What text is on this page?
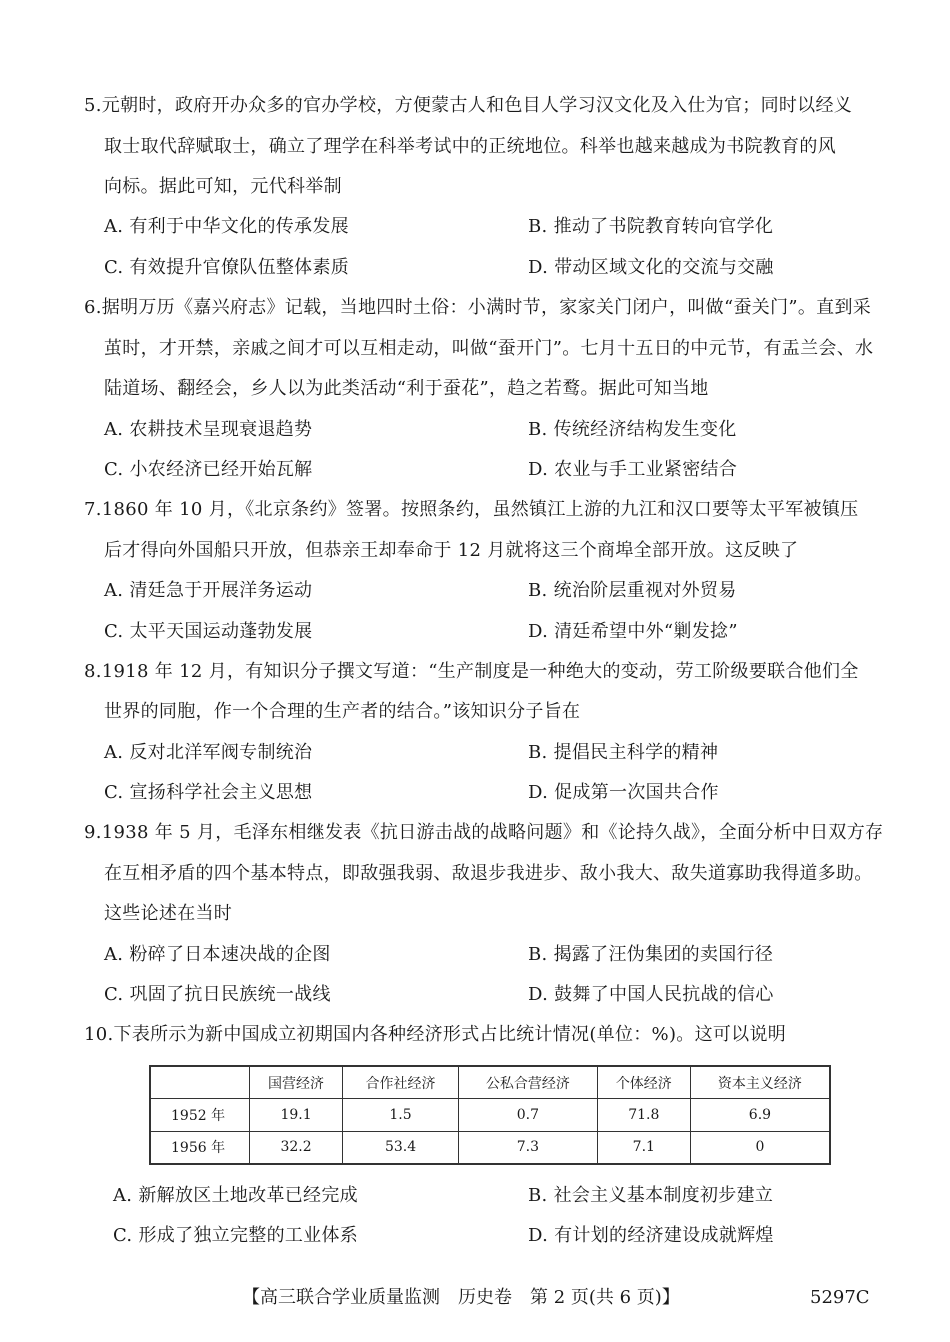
5.元朝时，政府开办众多的官办学校，方便蒙古人和色目人学习汉文化及入仕为官；同时以经义
取士取代辞赋取士，确立了理学在科举考试中的正统地位。科举也越来越成为书院教育的风
向标。据此可知，元代科举制
A. 有利于中华文化的传承发展	B. 推动了书院教育转向官学化
C. 有效提升官僚队伍整体素质	D. 带动区域文化的交流与交融
6.据明万历《嘉兴府志》记载，当地四时土俗：小满时节，家家关门闭户，叫做“蚕关门”。直到采
茧时，才开禁，亲戚之间才可以互相走动，叫做“蚕开门”。七月十五日的中元节，有盂兰会、水
陆道场、翻经会，乡人以为此类活动“利于蚕花”，趋之若鹜。据此可知当地
A. 农耕技术呈现衰退趋势	B. 传统经济结构发生变化
C. 小农经济已经开始瓦解	D. 农业与手工业紧密结合
7.1860 年 10 月，《北京条约》签署。按照条约，虽然镇江上游的九江和汉口要等太平军被镇压
后才得向外国船只开放，但恭亲王却奉命于 12 月就将这三个商埠全部开放。这反映了
A. 清廷急于开展洋务运动	B. 统治阶层重视对外贸易
C. 太平天国运动蓬勃发展	D. 清廷希望中外“剿发捻”
8.1918 年 12 月，有知识分子撰文写道：“生产制度是一种绝大的变动，劳工阶级要联合他们全
世界的同胞，作一个合理的生产者的结合。”该知识分子旨在
A. 反对北洋军阀专制统治	B. 提倡民主科学的精神
C. 宣扬科学社会主义思想	D. 促成第一次国共合作
9.1938 年 5 月，毛泽东相继发表《抗日游击战的战略问题》和《论持久战》，全面分析中日双方存
在互相矛盾的四个基本特点，即敌强我弱、敌退步我进步、敌小我大、敌失道寡助我得道多助。
这些论述在当时
A. 粉碎了日本速决战的企图	B. 揭露了汪伪集团的卖国行径
C. 巩固了抗日民族统一战线	D. 鼓舞了中国人民抗战的信心
10.下表所示为新中国成立初期国内各种经济形式占比统计情况(单位：%)。这可以说明
	国营经济	合作社经济	公私合营经济	个体经济	资本主义经济
1952 年	19.1	1.5	0.7	71.8	6.9
1956 年	32.2	53.4	7.3	7.1	0
A. 新解放区土地改革已经完成	B. 社会主义基本制度初步建立
C. 形成了独立完整的工业体系	D. 有计划的经济建设成就辉煌
【高三联合学业质量监测　历史卷　第 2 页(共 6 页)】	5297C
